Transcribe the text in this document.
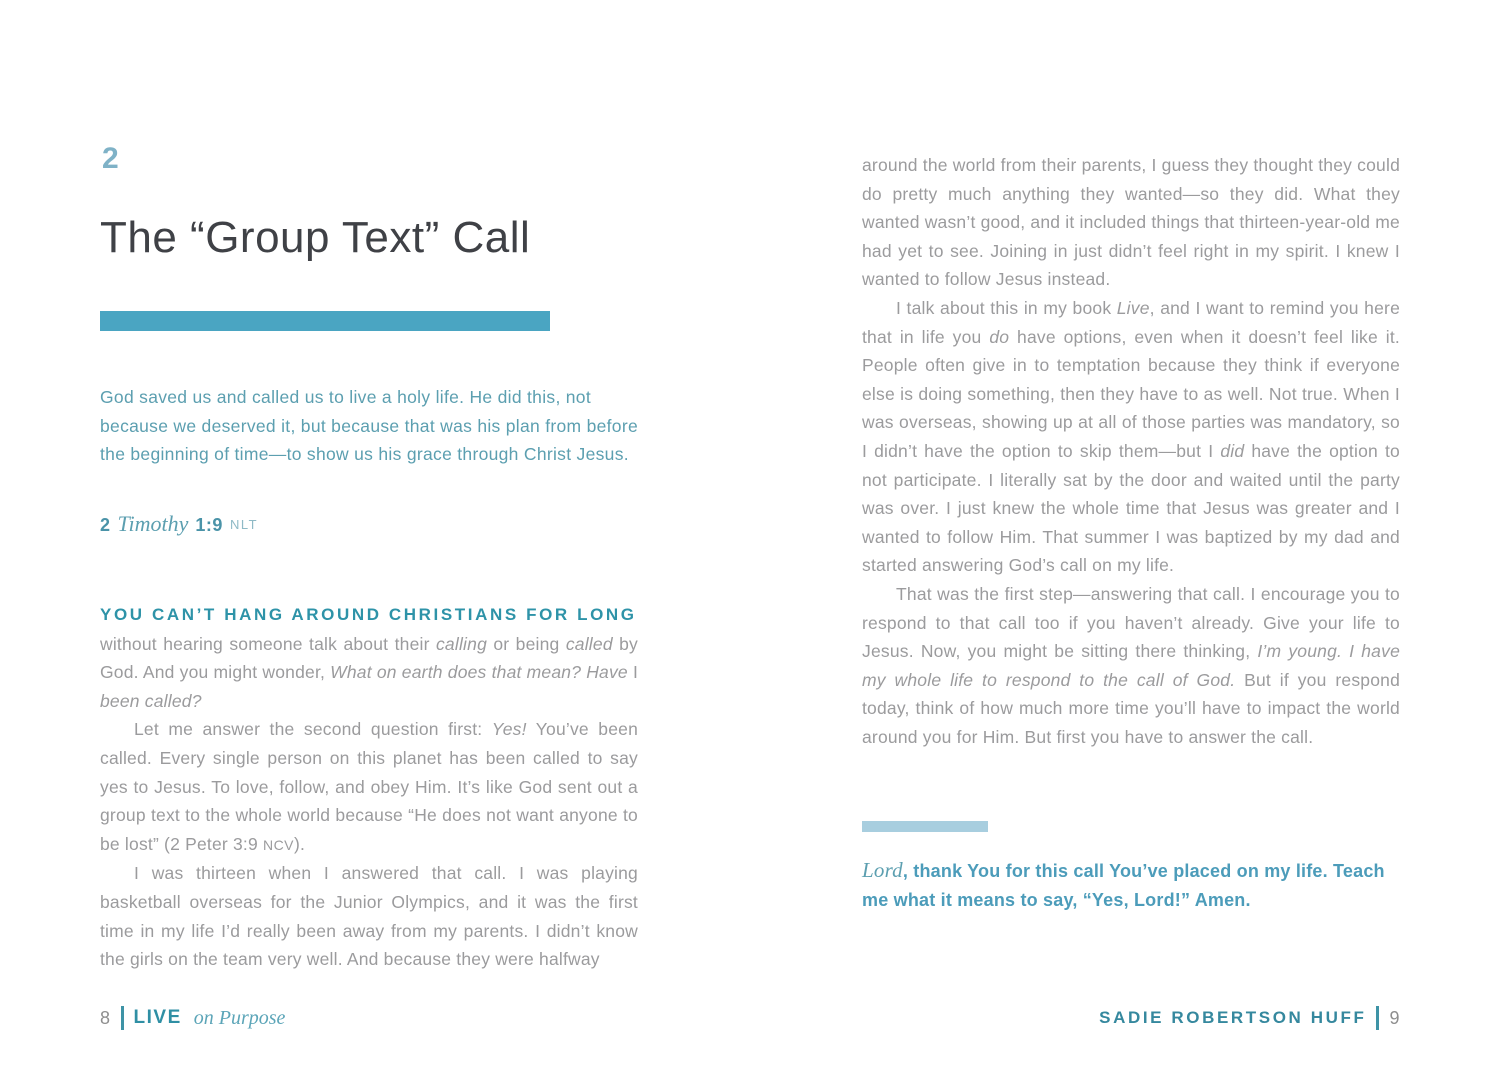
2
The “Group Text” Call
God saved us and called us to live a holy life. He did this, not because we deserved it, but because that was his plan from before the beginning of time—to show us his grace through Christ Jesus.
2 Timothy 1:9 NLT

YOU CAN’T HANG AROUND CHRISTIANS FOR LONG
without hearing someone talk about their calling or being called by God. And you might wonder, What on earth does that mean? Have I been called?

Let me answer the second question first: Yes! You’ve been called. Every single person on this planet has been called to say yes to Jesus. To love, follow, and obey Him. It’s like God sent out a group text to the whole world because “He does not want anyone to be lost” (2 Peter 3:9 NCV).

I was thirteen when I answered that call. I was playing basketball overseas for the Junior Olympics, and it was the first time in my life I’d really been away from my parents. I didn’t know the girls on the team very well. And because they were halfway

8 LIVE on Purpose

around the world from their parents, I guess they thought they could do pretty much anything they wanted—so they did. What they wanted wasn’t good, and it included things that thirteen-year-old me had yet to see. Joining in just didn’t feel right in my spirit. I knew I wanted to follow Jesus instead.

I talk about this in my book Live, and I want to remind you here that in life you do have options, even when it doesn’t feel like it. People often give in to temptation because they think if everyone else is doing something, then they have to as well. Not true. When I was overseas, showing up at all of those parties was mandatory, so I didn’t have the option to skip them—but I did have the option to not participate. I literally sat by the door and waited until the party was over. I just knew the whole time that Jesus was greater and I wanted to follow Him. That summer I was baptized by my dad and started answering God’s call on my life.

That was the first step—answering that call. I encourage you to respond to that call too if you haven’t already. Give your life to Jesus. Now, you might be sitting there thinking, I’m young. I have my whole life to respond to the call of God. But if you respond today, think of how much more time you’ll have to impact the world around you for Him. But first you have to answer the call.

Lord, thank You for this call You’ve placed on my life. Teach me what it means to say, “Yes, Lord!” Amen.
SADIE ROBERTSON HUFF 9
